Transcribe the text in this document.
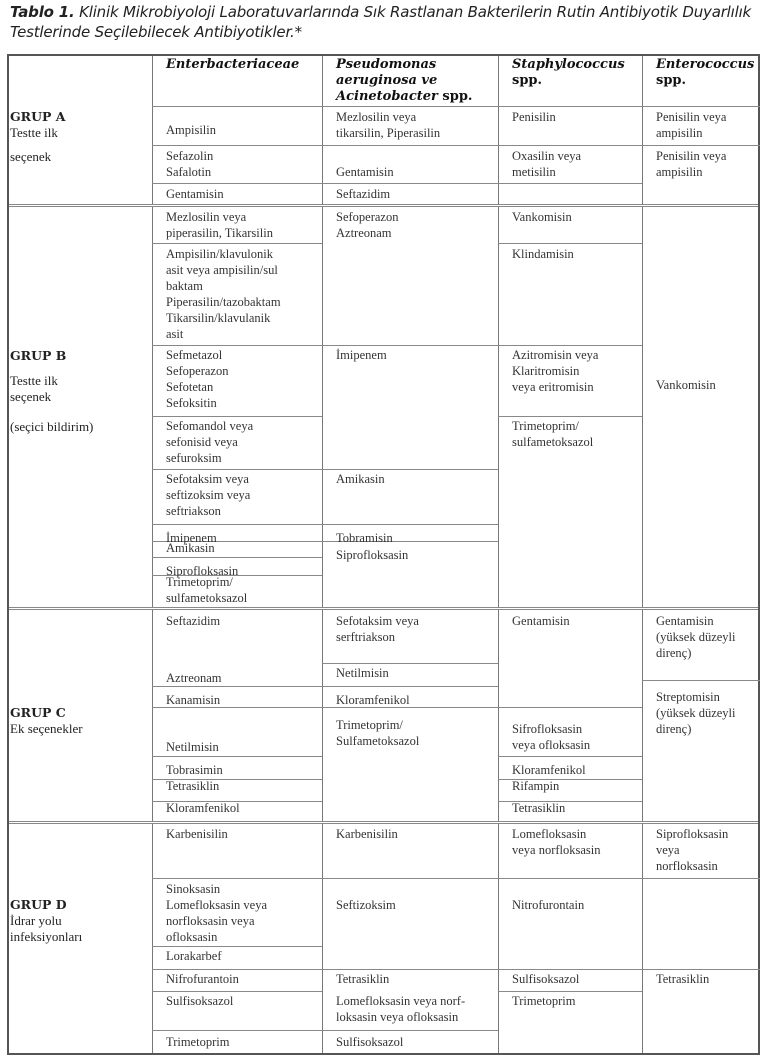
Tablo 1. Klinik Mikrobiyoloji Laboratuvarlarında Sık Rastlanan Bakterilerin Rutin Antibiyotik Duyarlılık Testlerinde Seçilebilecek Antibiyotikler.*
Enterbacteriaceae	Pseudomonas
aeruginosa ve
Acinetobacter spp.
Staphylococcus
spp.
Enterococcus
spp.
GRUP A
Testte ilk
seçenek
GRUP B
Testte ilk
seçenek
(seçici bildirim)
GRUP C
Ek seçenekler
GRUP D
İdrar yolu
infeksiyonları
Ampisilin
Sefazolin
Safalotin
Gentamisin
Mezlosilin veya
tikarsilin, Piperasilin
Gentamisin
Seftazidim
Penisilin
Oxasilin veya
metisilin
Penisilin veya
ampisilin
Penisilin veya
ampisilin
Mezlosilin veya
piperasilin, Tikarsilin
Ampisilin/klavulonik
asit veya ampisilin/sul
baktam
Piperasilin/tazobaktam
Tikarsilin/klavulanik
asit
Sefmetazol
Sefoperazon
Sefotetan
Sefoksitin
Sefomandol veya
sefonisid veya
sefuroksim
Sefotaksim veya
seftizoksim veya
seftriakson
İmipenem
Amikasin
Siprofloksasin
Trimetoprim/
sulfametoksazol
Sefoperazon
Aztreonam
İmipenem
Amikasin
Tobramisin
Siprofloksasin
Vankomisin
Klindamisin
Azitromisin veya
Klaritromisin
veya eritromisin
Trimetoprim/
sulfametoksazol
Vankomisin
Seftazidim
Aztreonam
Kanamisin
Netilmisin
Tobrasimin
Tetrasiklin
Kloramfenikol
Sefotaksim veya
serftriakson
Netilmisin
Kloramfenikol
Trimetoprim/
Sulfametoksazol
Gentamisin
Sifrofloksasin
veya ofloksasin
Kloramfenikol
Rifampin
Tetrasiklin
Gentamisin
(yüksek düzeyli
direnç)
Streptomisin
(yüksek düzeyli
direnç)
Karbenisilin
Sinoksasin
Lomefloksasin veya
norfloksasin veya
ofloksasin
Lorakarbef
Nifrofurantoin
Sulfisoksazol
Trimetoprim
Karbenisilin
Seftizoksim
Tetrasiklin
Lomefloksasin veya norf-
loksasin veya ofloksasin
Sulfisoksazol
Lomefloksasin
veya norfloksasin
Nitrofurontain
Sulfisoksazol
Trimetoprim
Siprofloksasin
veya
norfloksasin
Tetrasiklin
